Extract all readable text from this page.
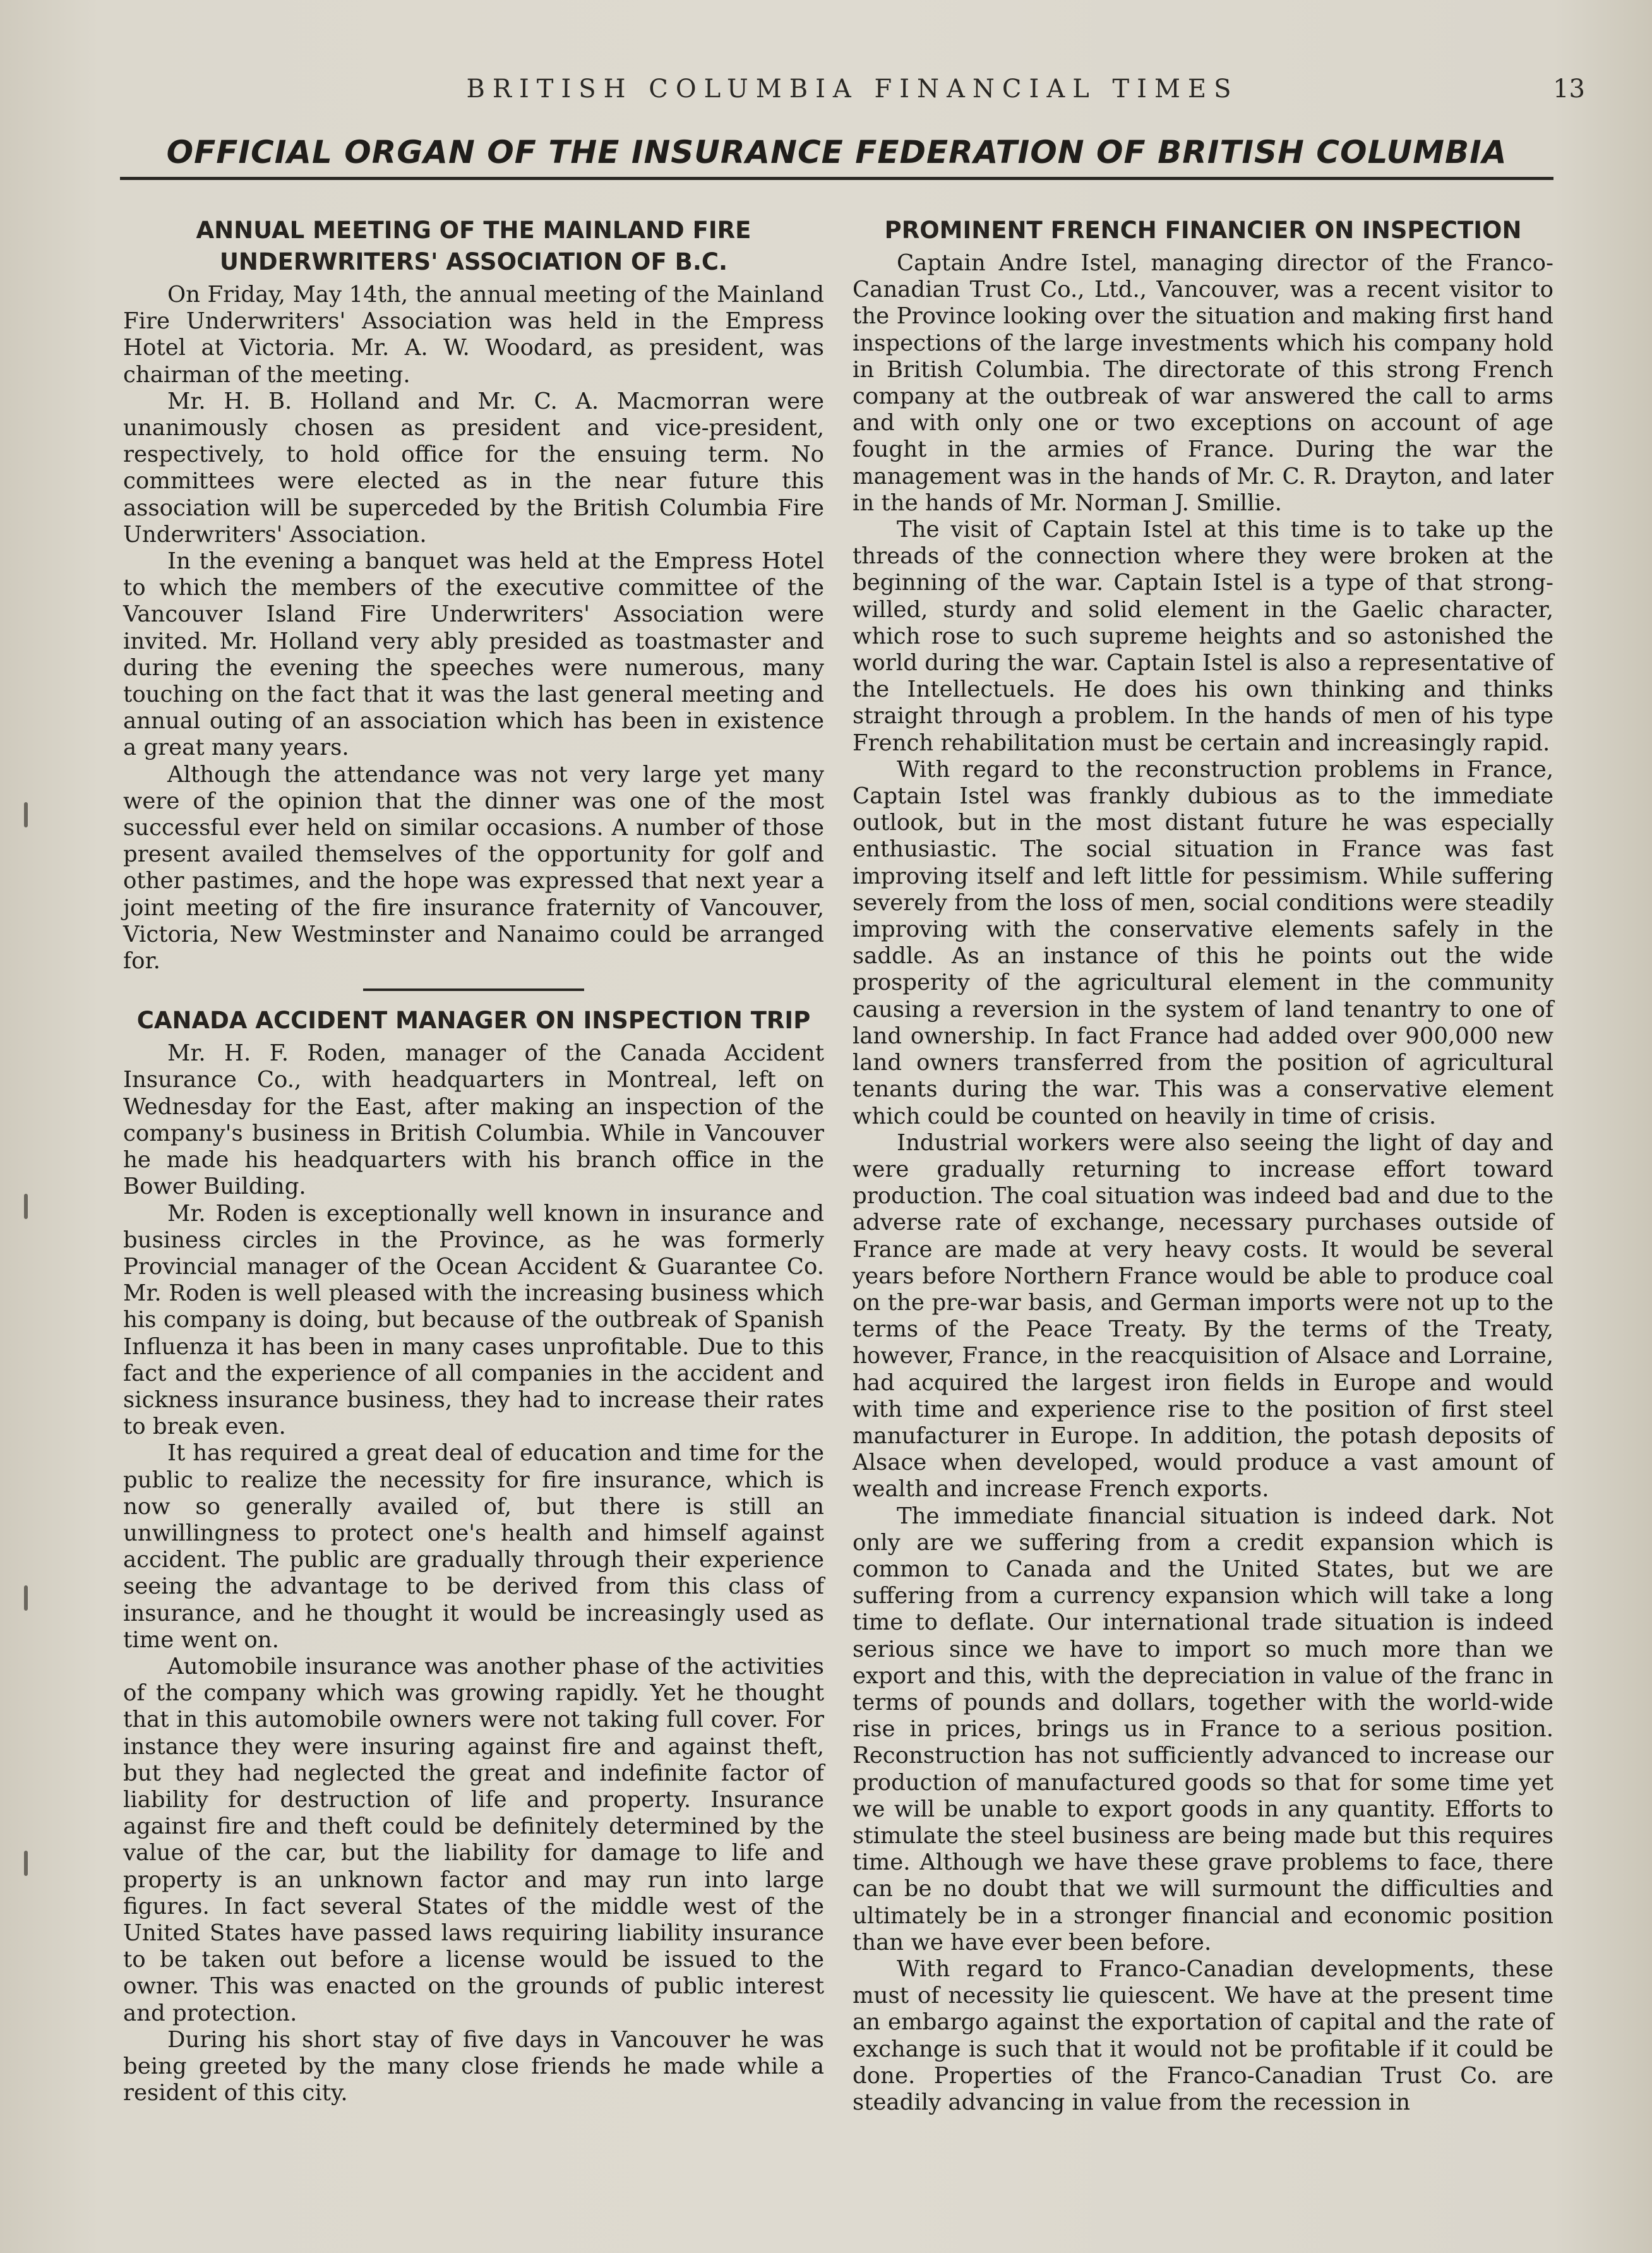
BRITISH COLUMBIA FINANCIAL TIMES	13
OFFICIAL ORGAN OF THE INSURANCE FEDERATION OF BRITISH COLUMBIA
ANNUAL MEETING OF THE MAINLAND FIRE UNDERWRITERS' ASSOCIATION OF B.C.

On Friday, May 14th, the annual meeting of the Mainland Fire Underwriters' Association was held in the Empress Hotel at Victoria. Mr. A. W. Woodard, as president, was chairman of the meeting.

Mr. H. B. Holland and Mr. C. A. Macmorran were unanimously chosen as president and vice-president, respectively, to hold office for the ensuing term. No committees were elected as in the near future this association will be superceded by the British Columbia Fire Underwriters' Association.

In the evening a banquet was held at the Empress Hotel to which the members of the executive committee of the Vancouver Island Fire Underwriters' Association were invited. Mr. Holland very ably presided as toastmaster and during the evening the speeches were numerous, many touching on the fact that it was the last general meeting and annual outing of an association which has been in existence a great many years.

Although the attendance was not very large yet many were of the opinion that the dinner was one of the most successful ever held on similar occasions. A number of those present availed themselves of the opportunity for golf and other pastimes, and the hope was expressed that next year a joint meeting of the fire insurance fraternity of Vancouver, Victoria, New Westminster and Nanaimo could be arranged for.

CANADA ACCIDENT MANAGER ON INSPECTION TRIP

Mr. H. F. Roden, manager of the Canada Accident Insurance Co., with headquarters in Montreal, left on Wednesday for the East, after making an inspection of the company's business in British Columbia. While in Vancouver he made his headquarters with his branch office in the Bower Building.

Mr. Roden is exceptionally well known in insurance and business circles in the Province, as he was formerly Provincial manager of the Ocean Accident & Guarantee Co. Mr. Roden is well pleased with the increasing business which his company is doing, but because of the outbreak of Spanish Influenza it has been in many cases unprofitable. Due to this fact and the experience of all companies in the accident and sickness insurance business, they had to increase their rates to break even.

It has required a great deal of education and time for the public to realize the necessity for fire insurance, which is now so generally availed of, but there is still an unwillingness to protect one's health and himself against accident. The public are gradually through their experience seeing the advantage to be derived from this class of insurance, and he thought it would be increasingly used as time went on.

Automobile insurance was another phase of the activities of the company which was growing rapidly. Yet he thought that in this automobile owners were not taking full cover. For instance they were insuring against fire and against theft, but they had neglected the great and indefinite factor of liability for destruction of life and property. Insurance against fire and theft could be definitely determined by the value of the car, but the liability for damage to life and property is an unknown factor and may run into large figures. In fact several States of the middle west of the United States have passed laws requiring liability insurance to be taken out before a license would be issued to the owner. This was enacted on the grounds of public interest and protection.

During his short stay of five days in Vancouver he was being greeted by the many close friends he made while a resident of this city.

PROMINENT FRENCH FINANCIER ON INSPECTION

Captain Andre Istel, managing director of the Franco-Canadian Trust Co., Ltd., Vancouver, was a recent visitor to the Province looking over the situation and making first hand inspections of the large investments which his company hold in British Columbia. The directorate of this strong French company at the outbreak of war answered the call to arms and with only one or two exceptions on account of age fought in the armies of France. During the war the management was in the hands of Mr. C. R. Drayton, and later in the hands of Mr. Norman J. Smillie.

The visit of Captain Istel at this time is to take up the threads of the connection where they were broken at the beginning of the war. Captain Istel is a type of that strong-willed, sturdy and solid element in the Gaelic character, which rose to such supreme heights and so astonished the world during the war. Captain Istel is also a representative of the Intellectuels. He does his own thinking and thinks straight through a problem. In the hands of men of his type French rehabilitation must be certain and increasingly rapid.

With regard to the reconstruction problems in France, Captain Istel was frankly dubious as to the immediate outlook, but in the most distant future he was especially enthusiastic. The social situation in France was fast improving itself and left little for pessimism. While suffering severely from the loss of men, social conditions were steadily improving with the conservative elements safely in the saddle. As an instance of this he points out the wide prosperity of the agricultural element in the community causing a reversion in the system of land tenantry to one of land ownership. In fact France had added over 900,000 new land owners transferred from the position of agricultural tenants during the war. This was a conservative element which could be counted on heavily in time of crisis.

Industrial workers were also seeing the light of day and were gradually returning to increase effort toward production. The coal situation was indeed bad and due to the adverse rate of exchange, necessary purchases outside of France are made at very heavy costs. It would be several years before Northern France would be able to produce coal on the pre-war basis, and German imports were not up to the terms of the Peace Treaty. By the terms of the Treaty, however, France, in the reacquisition of Alsace and Lorraine, had acquired the largest iron fields in Europe and would with time and experience rise to the position of first steel manufacturer in Europe. In addition, the potash deposits of Alsace when developed, would produce a vast amount of wealth and increase French exports.

The immediate financial situation is indeed dark. Not only are we suffering from a credit expansion which is common to Canada and the United States, but we are suffering from a currency expansion which will take a long time to deflate. Our international trade situation is indeed serious since we have to import so much more than we export and this, with the depreciation in value of the franc in terms of pounds and dollars, together with the world-wide rise in prices, brings us in France to a serious position. Reconstruction has not sufficiently advanced to increase our production of manufactured goods so that for some time yet we will be unable to export goods in any quantity. Efforts to stimulate the steel business are being made but this requires time. Although we have these grave problems to face, there can be no doubt that we will surmount the difficulties and ultimately be in a stronger financial and economic position than we have ever been before.

With regard to Franco-Canadian developments, these must of necessity lie quiescent. We have at the present time an embargo against the exportation of capital and the rate of exchange is such that it would not be profitable if it could be done. Properties of the Franco-Canadian Trust Co. are steadily advancing in value from the recession in
